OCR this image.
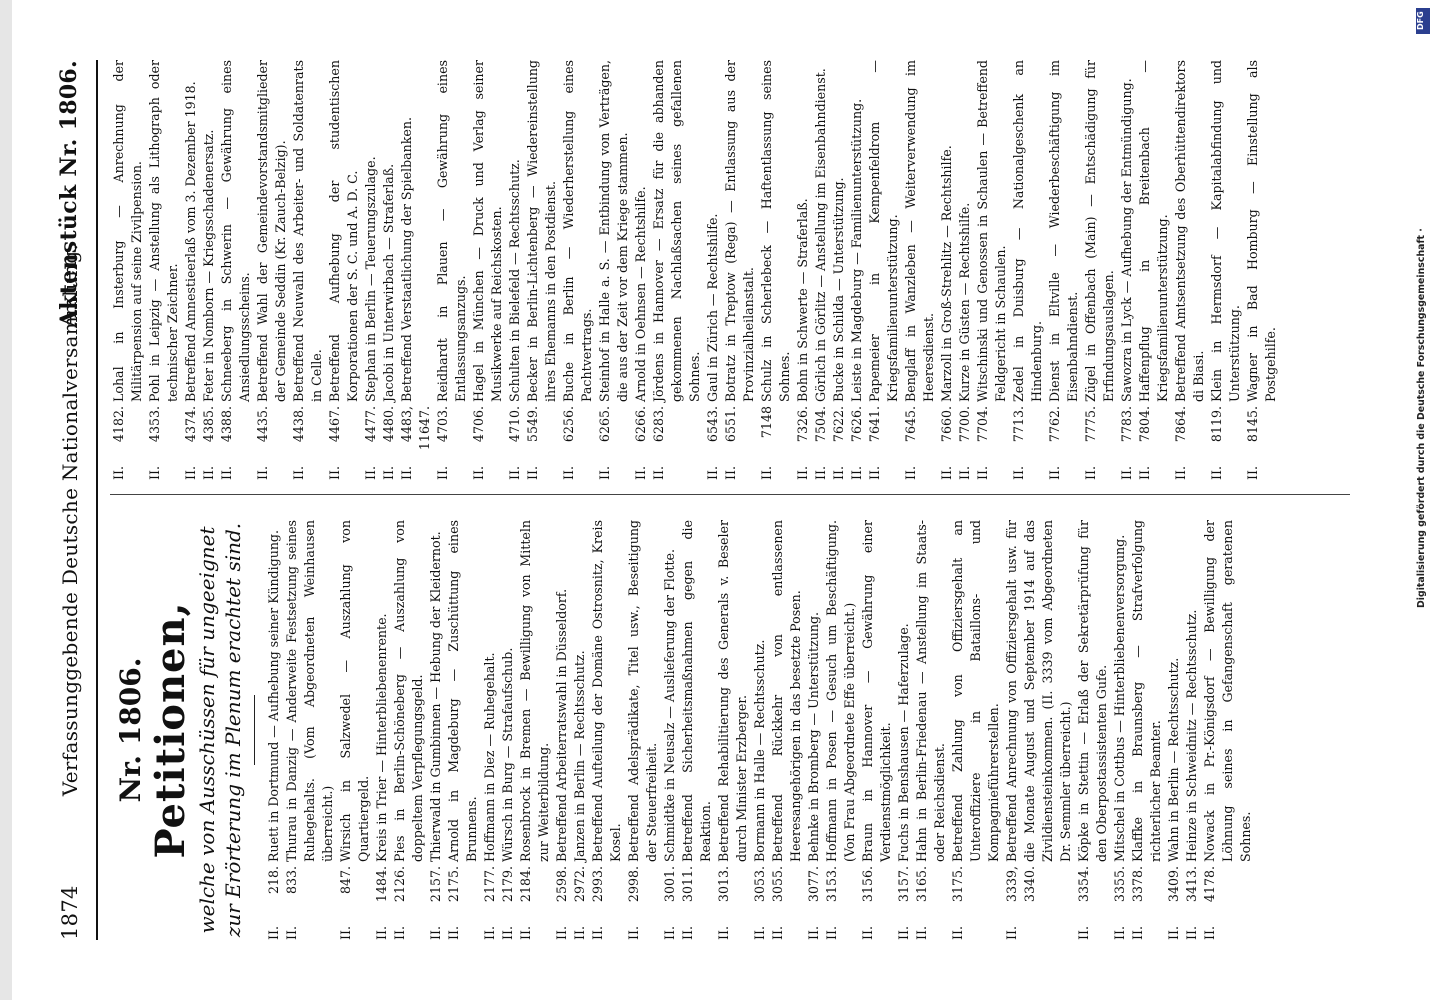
1874
Verfassunggebende Deutsche Nationalversammlung.
Aktenstück Nr. 1806.
Nr. 1806. Petitionen, welche von Ausschüssen für ungeeignet zur Erörterung im Plenum erachtet sind. II.
218.
Ruett in Dortmund — Aufhebung seiner Kündigung.
II.
833.
Thurau in Danzig — Anderweite Festsetzung seines Ruhegehalts. (Vom Abgeordneten Weinhausen überreicht.)
II.
847.
Wirsich in Salzwedel — Auszahlung von Quartiergeld.
II.
1484.
Kreis in Trier — Hinterbliebenenrente.
II.
2126.
Pies in Berlin-Schöneberg — Auszahlung von doppeltem Verpflegungsgeld.
II.
2157.
Thierwald in Gumbinnen — Hebung der Kleidernot.
II.
2175.
Arnold in Magdeburg — Zuschüttung eines Brunnens.
II.
2177.
Hoffmann in Diez — Ruhegehalt.
II.
2179.
Würsch in Burg — Strafaufschub.
II.
2184.
Rosenbrock in Bremen — Bewilligung von Mitteln zur Weiterbildung.
II.
2598.
Betreffend Arbeiterratswahl in Düsseldorf.
II.
2972.
Janzen in Berlin — Rechtsschutz.
II.
2993.
Betreffend Aufteilung der Domäne Ostrosnitz, Kreis Kosel.
II.
2998.
Betreffend Adelsprädikate, Titel usw., Beseitigung der Steuerfreiheit.
II.
3001.
Schmidtke in Neusalz — Auslieferung der Flotte.
II.
3011.
Betreffend Sicherheitsmaßnahmen gegen die Reaktion.
II.
3013.
Betreffend Rehabilitierung des Generals v. Beseler durch Minister Erzberger.
II.
3053.
Bormann in Halle — Rechtsschutz.
II.
3055.
Betreffend Rückkehr von entlassenen Heeresangehörigen in das besetzte Posen.
II.
3077.
Behnke in Bromberg — Unterstützung.
II.
3153.
Hoffmann in Posen — Gesuch um Beschäftigung. (Von Frau Abgeordnete Effe überreicht.)
II.
3156.
Braun in Hannover — Gewährung einer Verdienstmöglichkeit.
II.
3157.
Fuchs in Benshausen — Haferzulage.
II.
3165.
Hahn in Berlin-Friedenau — Anstellung im Staats- oder Reichsdienst.
II.
3175.
Betreffend Zahlung von Offiziersgehalt an Unteroffiziere in Bataillons- und Kompagnieführerstellen.
II.
3339, 3340.
Betreffend Anrechnung von Offiziersgehalt usw. für die Monate August und September 1914 auf das Zivildiensteinkommen. (II. 3339 vom Abgeordneten Dr. Semmler überreicht.)
II.
3354.
Köpke in Stettin — Erlaß der Sekretärprüfung für den Oberpostassistenten Gufe.
II.
3355.
Mitschel in Cottbus — Hinterbliebenenversorgung.
II.
3378.
Klaffke in Braunsberg — Strafverfolgung richterlicher Beamter.
II.
3409.
Wahn in Berlin — Rechtsschutz.
II.
3413.
Heinze in Schweidnitz — Rechtsschutz.
II.
4178.
Nowack in Pr.-Königsdorf — Bewilligung der Löhnung seines in Gefangenschaft geratenen Sohnes.
II.
4182.
Lohal in Insterburg — Anrechnung der Militärpension auf seine Zivilpension.
II.
4353.
Pohl in Leipzig — Anstellung als Lithograph oder technischer Zeichner.
II.
4374.
Betreffend Amnestieerlaß vom 3. Dezember 1918.
II.
4385.
Feter in Nomborn — Kriegsschadenersatz.
II.
4388.
Schneeberg in Schwerin — Gewährung eines Ansiedlungsscheins.
II.
4435.
Betreffend Wahl der Gemeindevorstandsmitglieder der Gemeinde Seddin (Kr. Zauch-Belzig).
II.
4438.
Betreffend Neuwahl des Arbeiter- und Soldatenrats in Celle.
II.
4467.
Betreffend Aufhebung der studentischen Korporationen der S. C. und A. D. C.
II.
4477.
Stephan in Berlin — Teuerungszulage.
II.
4480.
Jacobi in Unterwirbach — Straferlaß.
II.
4483, 11647.
Betreffend Verstaatlichung der Spielbanken.
II.
4703.
Reidhardt in Plauen — Gewährung eines Entlassungsanzugs.
II.
4706.
Hagel in München — Druck und Verlag seiner Musikwerke auf Reichskosten.
II.
4710.
Schulten in Bielefeld — Rechtsschutz.
II.
5549.
Becker in Berlin-Lichtenberg — Wiedereinstellung ihres Ehemanns in den Postdienst.
II.
6256.
Buche in Berlin — Wiederherstellung eines Pachtvertrags.
II.
6265.
Steinhof in Halle a. S. — Entbindung von Verträgen, die aus der Zeit vor dem Kriege stammen.
II.
6266.
Arnold in Oehnsen — Rechtshilfe.
II.
6283.
Jördens in Hannover — Ersatz für die abhanden gekommenen Nachlaßsachen seines gefallenen Sohnes.
II.
6543.
Gaul in Zürich — Rechtshilfe.
II.
6551.
Botratz in Treptow (Rega) — Entlassung aus der Provinzialheilanstalt.
II.
7148
Schulz in Scherlebeck — Haftentlassung seines Sohnes.
II.
7326.
Bohn in Schwerte — Straferlaß.
II.
7504.
Görlich in Görlitz — Anstellung im Eisenbahndienst.
II.
7622.
Bucke in Schilda — Unterstützung.
II.
7626.
Leiste in Magdeburg — Familienunterstützung.
II.
7641.
Papemeier in Kempenfeldrom — Kriegsfamilienunterstützung.
II.
7645.
Benglaff in Wanzleben — Weiterverwendung im Heeresdienst.
II.
7660.
Marzoll in Groß-Strehlitz — Rechtshilfe.
II.
7700.
Kurze in Güsten — Rechtshilfe.
II.
7704.
Witschinski und Genossen in Schaulen — Betreffend Feldgericht in Schaulen.
II.
7713.
Zedel in Duisburg — Nationalgeschenk an Hindenburg.
II.
7762.
Dienst in Eltville — Wiederbeschäftigung im Eisenbahndienst.
II.
7775.
Zügel in Offenbach (Main) — Entschädigung für Erfindungsauslagen.
II.
7783.
Sawozra in Lyck — Aufhebung der Entmündigung.
II.
7804.
Haffenpflug in Breitenbach — Kriegsfamilienunterstützung.
II.
7864.
Betreffend Amtsentsetzung des Oberhüttendirektors di Biasi.
II.
8119.
Klein in Hermsdorf — Kapitalabfindung und Unterstützung.
II.
8145.
Wagner in Bad Homburg — Einstellung als Postgehilfe.
DFG
Digitalisierung gefördert durch die Deutsche Forschungsgemeinschaft ·
